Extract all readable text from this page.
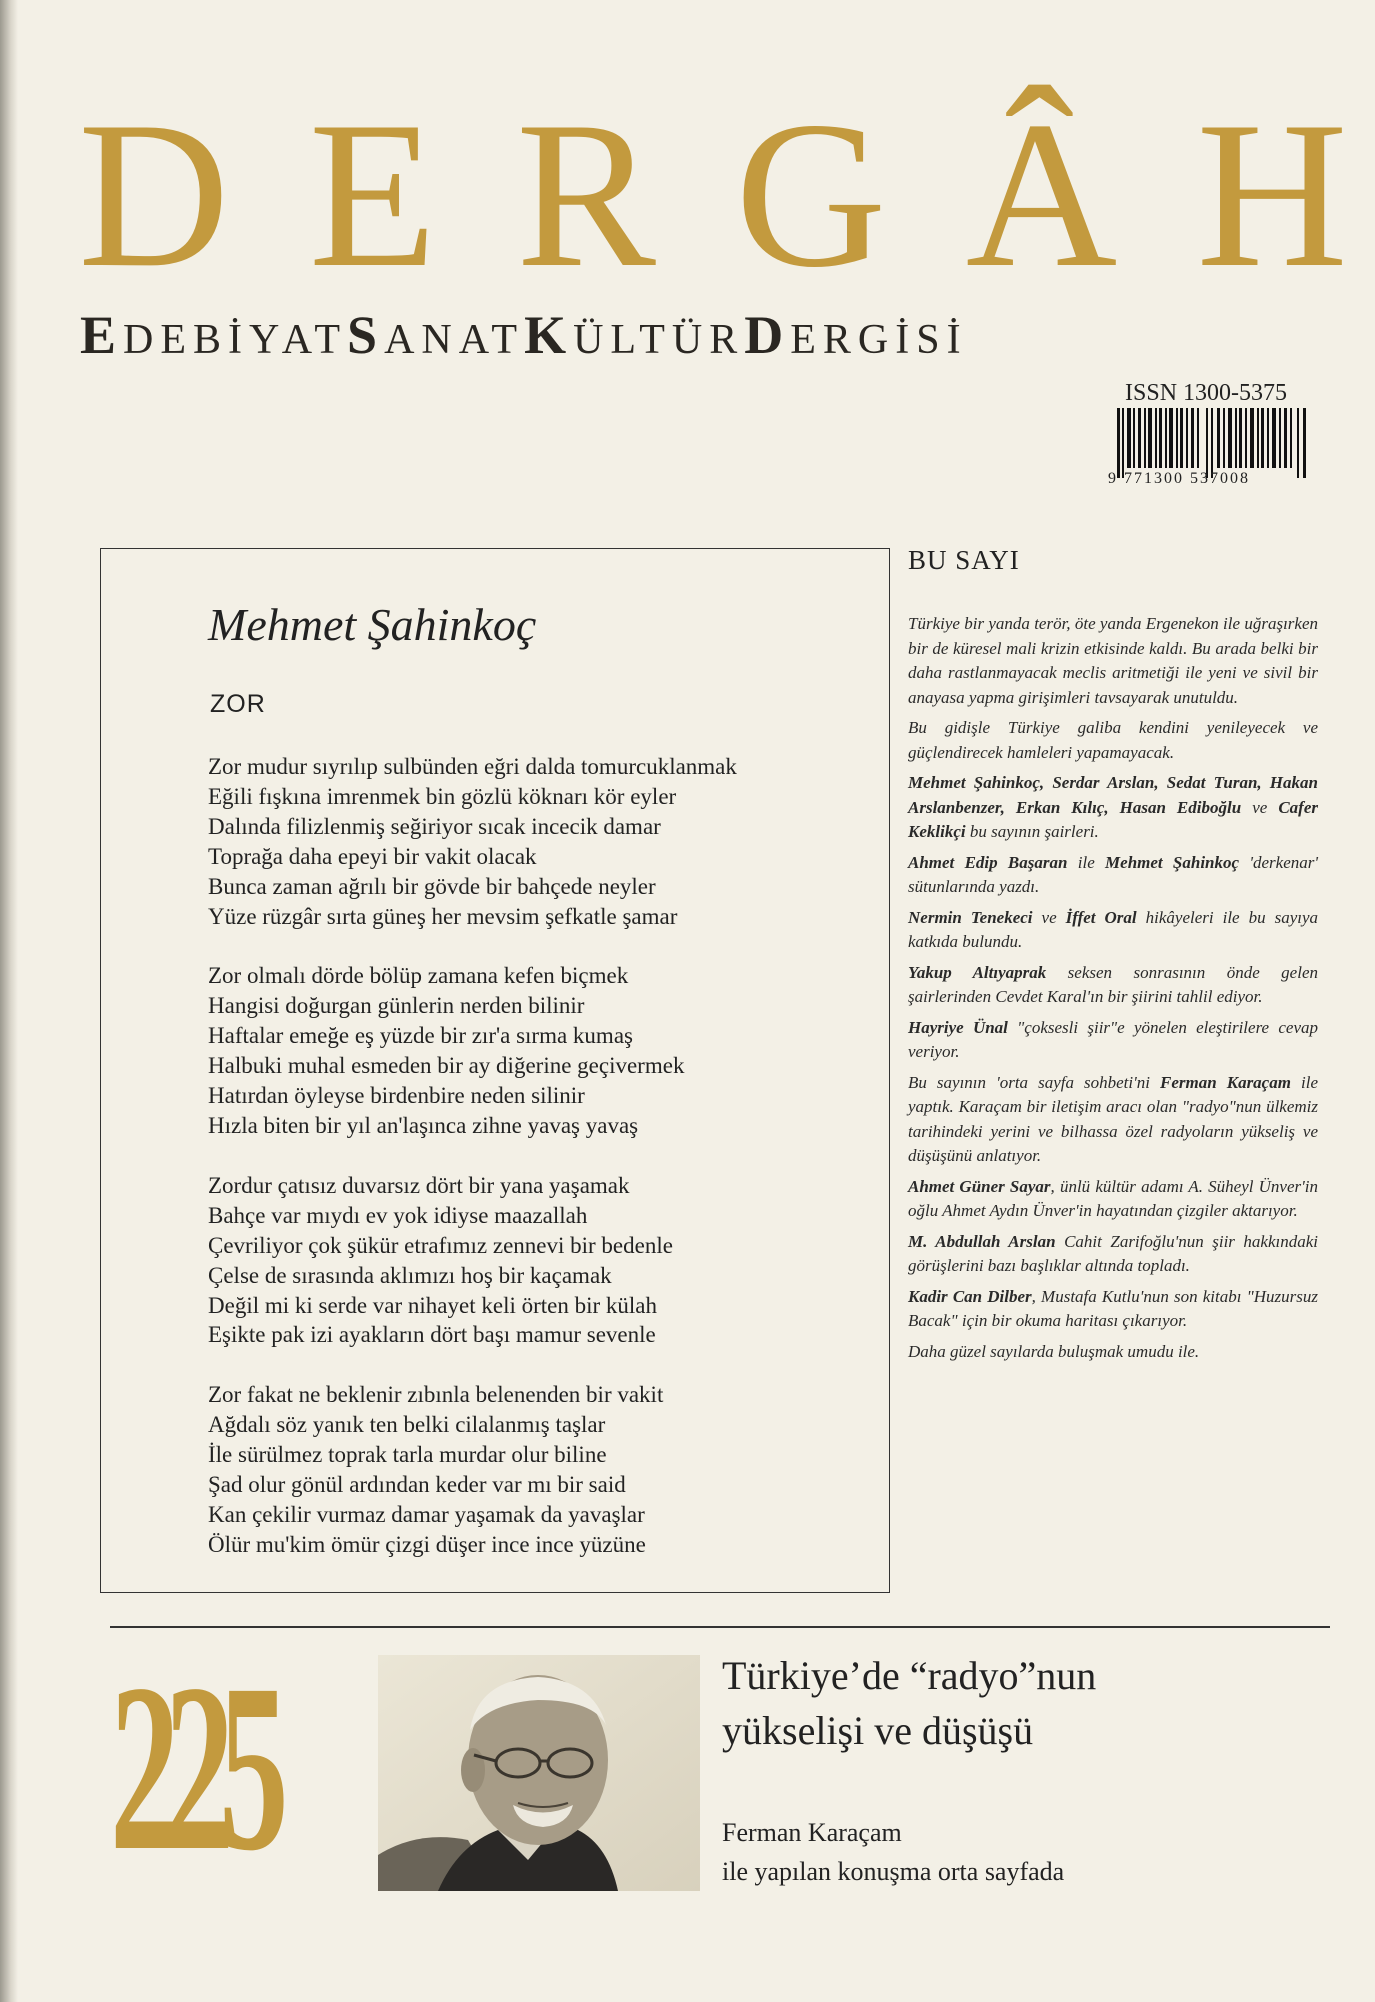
D E R G Â H
EDEBİYATSANATKÜLTÜRDERGİSİ
ISSN 1300-5375
9 771300 537008
Mehmet Şahinkoç
ZOR
Zor mudur sıyrılıp sulbünden eğri dalda tomurcuklanmak
Eğili fışkına imrenmek bin gözlü köknarı kör eyler
Dalında filizlenmiş seğiriyor sıcak incecik damar
Toprağa daha epeyi bir vakit olacak
Bunca zaman ağrılı bir gövde bir bahçede neyler
Yüze rüzgâr sırta güneş her mevsim şefkatle şamar
Zor olmalı dörde bölüp zamana kefen biçmek
Hangisi doğurgan günlerin nerden bilinir
Haftalar emeğe eş yüzde bir zır'a sırma kumaş
Halbuki muhal esmeden bir ay diğerine geçivermek
Hatırdan öyleyse birdenbire neden silinir
Hızla biten bir yıl an'laşınca zihne yavaş yavaş
Zordur çatısız duvarsız dört bir yana yaşamak
Bahçe var mıydı ev yok idiyse maazallah
Çevriliyor çok şükür etrafımız zennevi bir bedenle
Çelse de sırasında aklımızı hoş bir kaçamak
Değil mi ki serde var nihayet keli örten bir külah
Eşikte pak izi ayakların dört başı mamur sevenle
Zor fakat ne beklenir zıbınla belenenden bir vakit
Ağdalı söz yanık ten belki cilalanmış taşlar
İle sürülmez toprak tarla murdar olur biline
Şad olur gönül ardından keder var mı bir said
Kan çekilir vurmaz damar yaşamak da yavaşlar
Ölür mu'kim ömür çizgi düşer ince ince yüzüne
BU SAYI

Türkiye bir yanda terör, öte yanda Ergenekon ile uğraşırken bir de küresel mali krizin etkisinde kaldı. Bu arada belki bir daha rastlanmayacak meclis aritmetiği ile yeni ve sivil bir anayasa yapma girişimleri tavsayarak unutuldu.

Bu gidişle Türkiye galiba kendini yenileyecek ve güçlendirecek hamleleri yapamayacak.

Mehmet Şahinkoç, Serdar Arslan, Sedat Turan, Hakan Arslanbenzer, Erkan Kılıç, Hasan Ediboğlu ve Cafer Keklikçi bu sayının şairleri.

Ahmet Edip Başaran ile Mehmet Şahinkoç 'derkenar' sütunlarında yazdı.

Nermin Tenekeci ve İffet Oral hikâyeleri ile bu sayıya katkıda bulundu.

Yakup Altıyaprak seksen sonrasının önde gelen şairlerinden Cevdet Karal'ın bir şiirini tahlil ediyor.

Hayriye Ünal "çoksesli şiir"e yönelen eleştirilere cevap veriyor.

Bu sayının 'orta sayfa sohbeti'ni Ferman Karaçam ile yaptık. Karaçam bir iletişim aracı olan "radyo"nun ülkemiz tarihindeki yerini ve bilhassa özel radyoların yükseliş ve düşüşünü anlatıyor.

Ahmet Güner Sayar, ünlü kültür adamı A. Süheyl Ünver'in oğlu Ahmet Aydın Ünver'in hayatından çizgiler aktarıyor.

M. Abdullah Arslan Cahit Zarifoğlu'nun şiir hakkındaki görüşlerini bazı başlıklar altında topladı.

Kadir Can Dilber, Mustafa Kutlu'nun son kitabı "Huzursuz Bacak" için bir okuma haritası çıkarıyor.

Daha güzel sayılarda buluşmak umudu ile.

225	Türkiye’de “radyo”nun
yükselişi ve düşüşü
Ferman Karaçam
ile yapılan konuşma orta sayfada
